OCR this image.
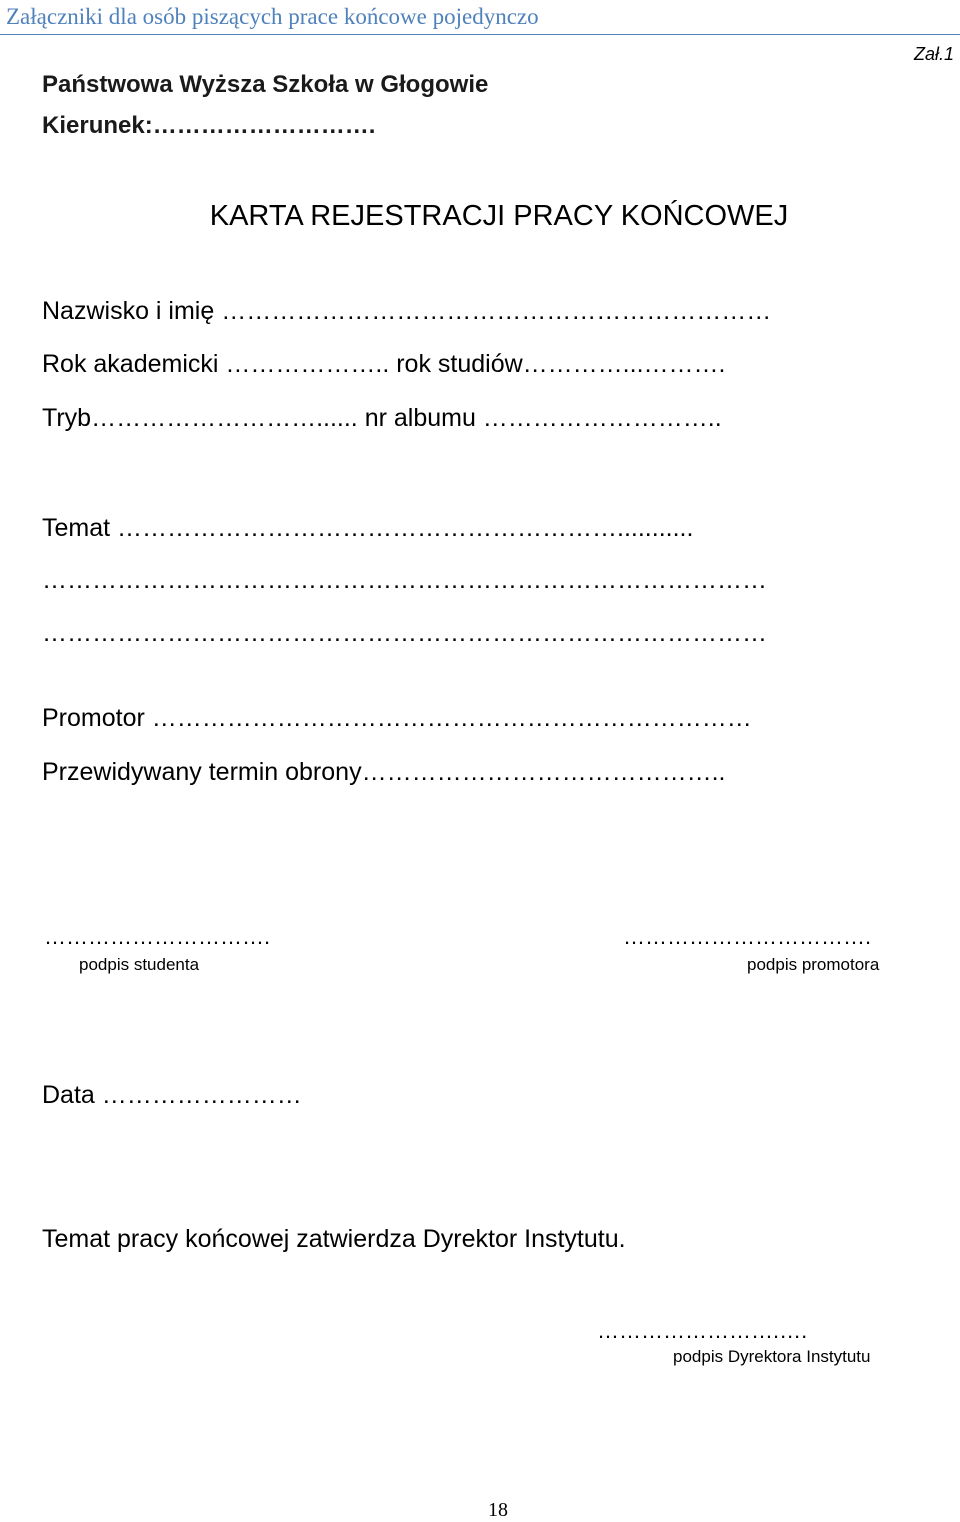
Załączniki dla osób piszących prace końcowe pojedynczo
Zał.1
Państwowa Wyższa Szkoła w Głogowie
Kierunek:……………………….
KARTA REJESTRACJI PRACY KOŃCOWEJ
Nazwisko i imię …………………………………………………………
Rok akademicki ……………….. rok studiów…………...……….
Tryb………………………...... nr albumu ………………………..
Temat ……………………………………………………...........
……………………………………………………………………………
……………………………………………………………………………
Promotor ………………………………………………………………
Przewidywany termin obrony……………………………………..
………………………….
podpis studenta
…………………………….
podpis promotora
Data ……………………
Temat pracy końcowej zatwierdza Dyrektor Instytutu.
…………………….….
podpis Dyrektora Instytutu
18
